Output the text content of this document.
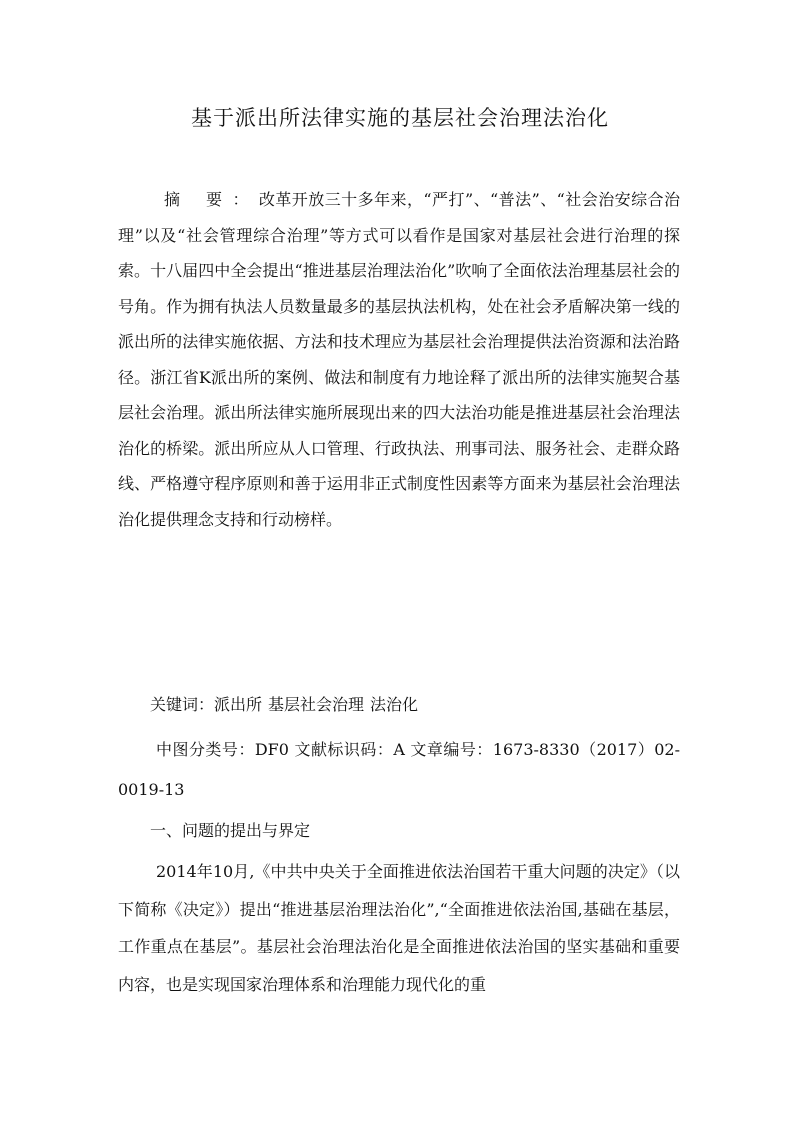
基于派出所法律实施的基层社会治理法治化

摘 要：改革开放三十多年来，“严打”、“普法”、“社会治安综合治理”以及“社会管理综合治理”等方式可以看作是国家对基层社会进行治理的探索。十八届四中全会提出“推进基层治理法治化”吹响了全面依法治理基层社会的号角。作为拥有执法人员数量最多的基层执法机构，处在社会矛盾解决第一线的派出所的法律实施依据、方法和技术理应为基层社会治理提供法治资源和法治路径。浙江省K派出所的案例、做法和制度有力地诠释了派出所的法律实施契合基层社会治理。派出所法律实施所展现出来的四大法治功能是推进基层社会治理法治化的桥梁。派出所应从人口管理、行政执法、刑事司法、服务社会、走群众路线、严格遵守程序原则和善于运用非正式制度性因素等方面来为基层社会治理法治化提供理念支持和行动榜样。

关键词：派出所 基层社会治理 法治化

中图分类号：DF0 文献标识码：A 文章编号：1673-8330（2017）02-0019-13

一、问题的提出与界定

2014年10月,《中共中央关于全面推进依法治国若干重大问题的决定》（以下简称《决定》）提出“推进基层治理法治化”,“全面推进依法治国,基础在基层，工作重点在基层”。基层社会治理法治化是全面推进依法治国的坚实基础和重要内容，也是实现国家治理体系和治理能力现代化的重
